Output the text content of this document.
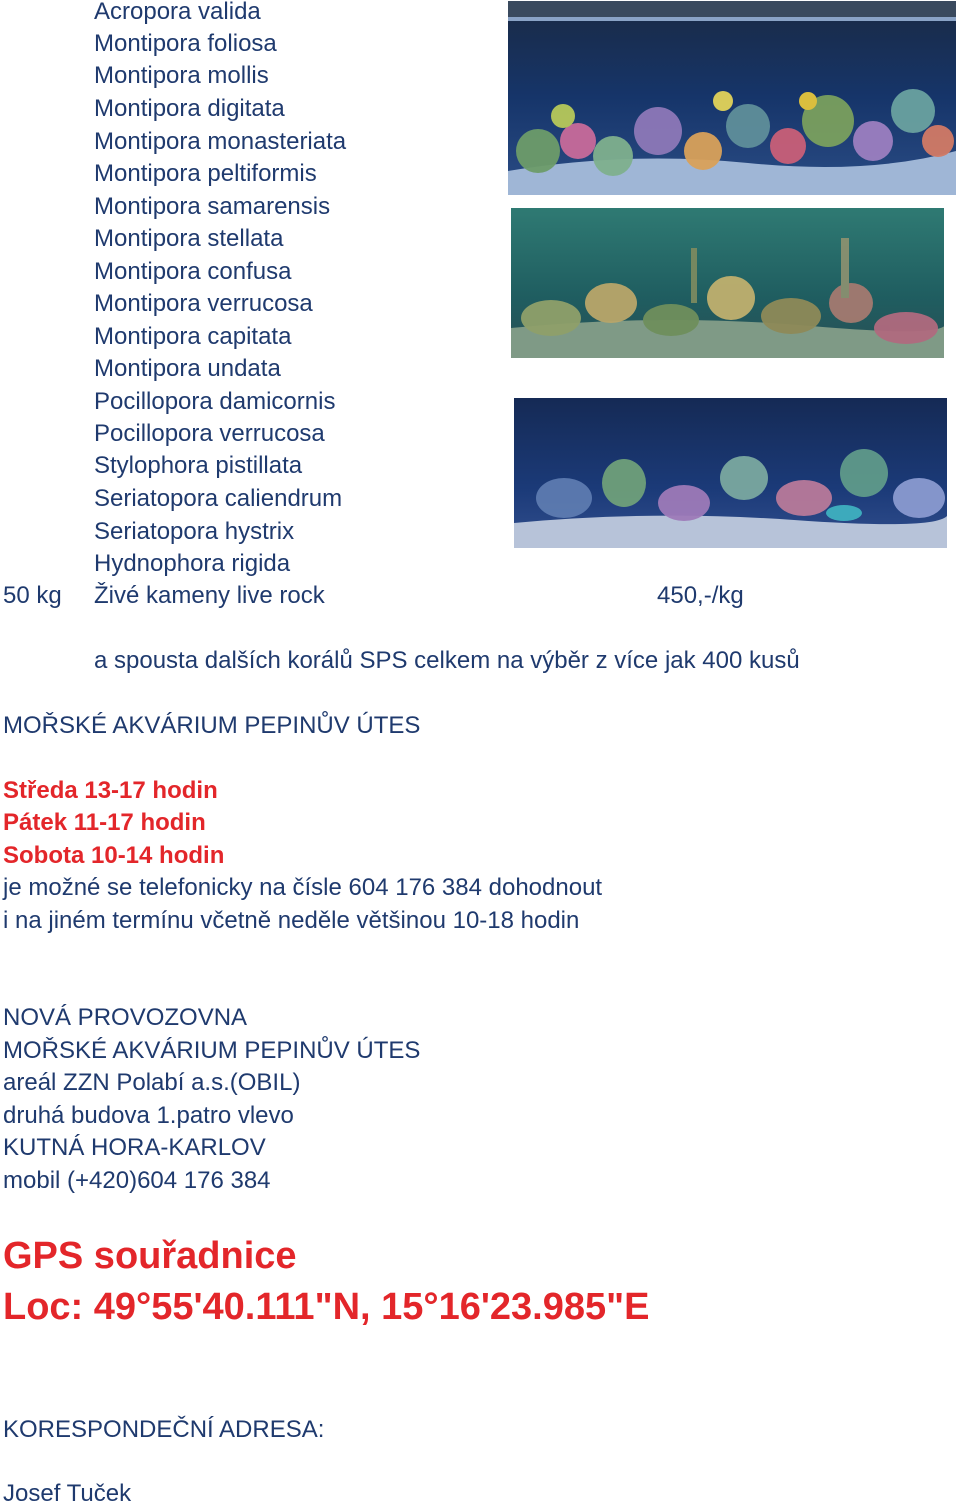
Acropora valida
Montipora foliosa
Montipora mollis
Montipora digitata
Montipora monasteriata
Montipora peltiformis
Montipora samarensis
Montipora stellata
Montipora confusa
Montipora verrucosa
Montipora capitata
Montipora undata
Pocillopora damicornis
Pocillopora verrucosa
Stylophora pistillata
Seriatopora caliendrum
Seriatopora hystrix
Hydnophora rigida
50 kg Živé kameny live rock	450,-/kg
a spousta dalších korálů SPS celkem na výběr z více jak 400 kusů
MOŘSKÉ AKVÁRIUM PEPINŮV ÚTES
Středa 13-17 hodin
Pátek 11-17 hodin
Sobota 10-14 hodin
je možné se telefonicky na čísle 604 176 384 dohodnout
i na jiném termínu včetně neděle většinou 10-18 hodin
NOVÁ PROVOZOVNA
MOŘSKÉ AKVÁRIUM PEPINŮV ÚTES
areál ZZN Polabí a.s.(OBIL)
druhá budova 1.patro vlevo
KUTNÁ HORA-KARLOV
mobil (+420)604 176 384
GPS souřadnice
Loc: 49°55'40.111"N, 15°16'23.985"E
KORESPONDEČNÍ ADRESA:
Josef Tuček
